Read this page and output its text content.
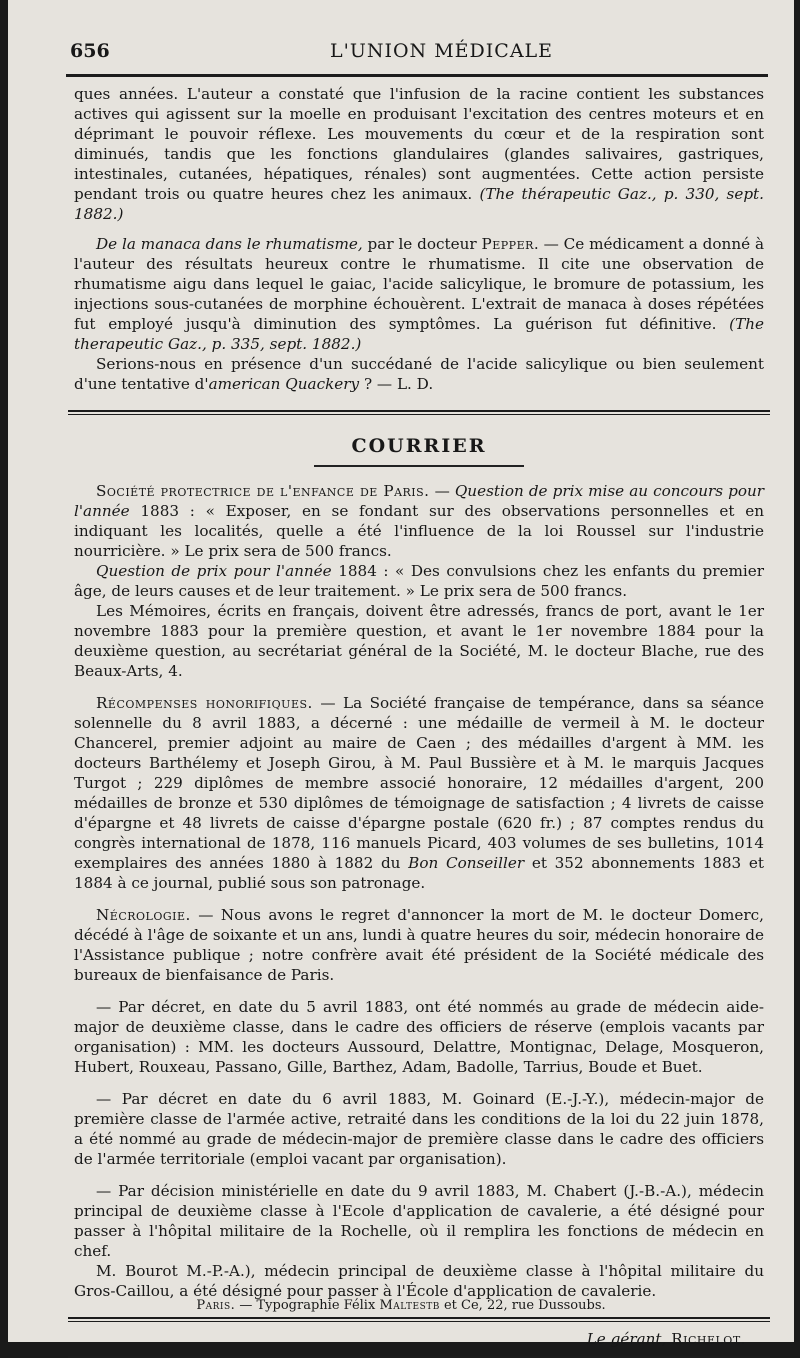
656	L'UNION MÉDICALE

ques années. L'auteur a constaté que l'infusion de la racine contient les substances actives qui agissent sur la moelle en produisant l'excitation des centres moteurs et en déprimant le pouvoir réflexe. Les mouvements du cœur et de la respiration sont diminués, tandis que les fonctions glandulaires (glandes salivaires, gastriques, intestinales, cutanées, hépatiques, rénales) sont augmentées. Cette action persiste pendant trois ou quatre heures chez les animaux. (The thérapeutic Gaz., p. 330, sept. 1882.)

De la manaca dans le rhumatisme, par le docteur Pepper. — Ce médicament a donné à l'auteur des résultats heureux contre le rhumatisme. Il cite une observation de rhumatisme aigu dans lequel le gaiac, l'acide salicylique, le bromure de potassium, les injections sous-cutanées de morphine échouèrent. L'extrait de manaca à doses répétées fut employé jusqu'à diminution des symptômes. La guérison fut définitive. (The therapeutic Gaz., p. 335, sept. 1882.)

Serions-nous en présence d'un succédané de l'acide salicylique ou bien seulement d'une tentative d'american Quackery ? — L. D.

COURRIER

Société protectrice de l'enfance de Paris. — Question de prix mise au concours pour l'année 1883 : « Exposer, en se fondant sur des observations personnelles et en indiquant les localités, quelle a été l'influence de la loi Roussel sur l'industrie nourricière. » Le prix sera de 500 francs.

Question de prix pour l'année 1884 : « Des convulsions chez les enfants du premier âge, de leurs causes et de leur traitement. » Le prix sera de 500 francs.

Les Mémoires, écrits en français, doivent être adressés, francs de port, avant le 1er novembre 1883 pour la première question, et avant le 1er novembre 1884 pour la deuxième question, au secrétariat général de la Société, M. le docteur Blache, rue des Beaux-Arts, 4.

Récompenses honorifiques. — La Société française de tempérance, dans sa séance solennelle du 8 avril 1883, a décerné : une médaille de vermeil à M. le docteur Chancerel, premier adjoint au maire de Caen ; des médailles d'argent à MM. les docteurs Barthélemy et Joseph Girou, à M. Paul Bussière et à M. le marquis Jacques Turgot ; 229 diplômes de membre associé honoraire, 12 médailles d'argent, 200 médailles de bronze et 530 diplômes de témoignage de satisfaction ; 4 livrets de caisse d'épargne et 48 livrets de caisse d'épargne postale (620 fr.) ; 87 comptes rendus du congrès international de 1878, 116 manuels Picard, 403 volumes de ses bulletins, 1014 exemplaires des années 1880 à 1882 du Bon Conseiller et 352 abonnements 1883 et 1884 à ce journal, publié sous son patronage.

Nécrologie. — Nous avons le regret d'annoncer la mort de M. le docteur Domerc, décédé à l'âge de soixante et un ans, lundi à quatre heures du soir, médecin honoraire de l'Assistance publique ; notre confrère avait été président de la Société médicale des bureaux de bienfaisance de Paris.

— Par décret, en date du 5 avril 1883, ont été nommés au grade de médecin aide-major de deuxième classe, dans le cadre des officiers de réserve (emplois vacants par organisation) : MM. les docteurs Aussourd, Delattre, Montignac, Delage, Mosqueron, Hubert, Rouxeau, Passano, Gille, Barthez, Adam, Badolle, Tarrius, Boude et Buet.

— Par décret en date du 6 avril 1883, M. Goinard (E.-J.-Y.), médecin-major de première classe de l'armée active, retraité dans les conditions de la loi du 22 juin 1878, a été nommé au grade de médecin-major de première classe dans le cadre des officiers de l'armée territoriale (emploi vacant par organisation).

— Par décision ministérielle en date du 9 avril 1883, M. Chabert (J.-B.-A.), médecin principal de deuxième classe à l'Ecole d'application de cavalerie, a été désigné pour passer à l'hôpital militaire de la Rochelle, où il remplira les fonctions de médecin en chef.

M. Bourot M.-P.-A.), médecin principal de deuxième classe à l'hôpital militaire du Gros-Caillou, a été désigné pour passer à l'École d'application de cavalerie.

Le gérant, Richelot.
Paris. — Typographie Félix Maltestb et Ce, 22, rue Dussoubs.
